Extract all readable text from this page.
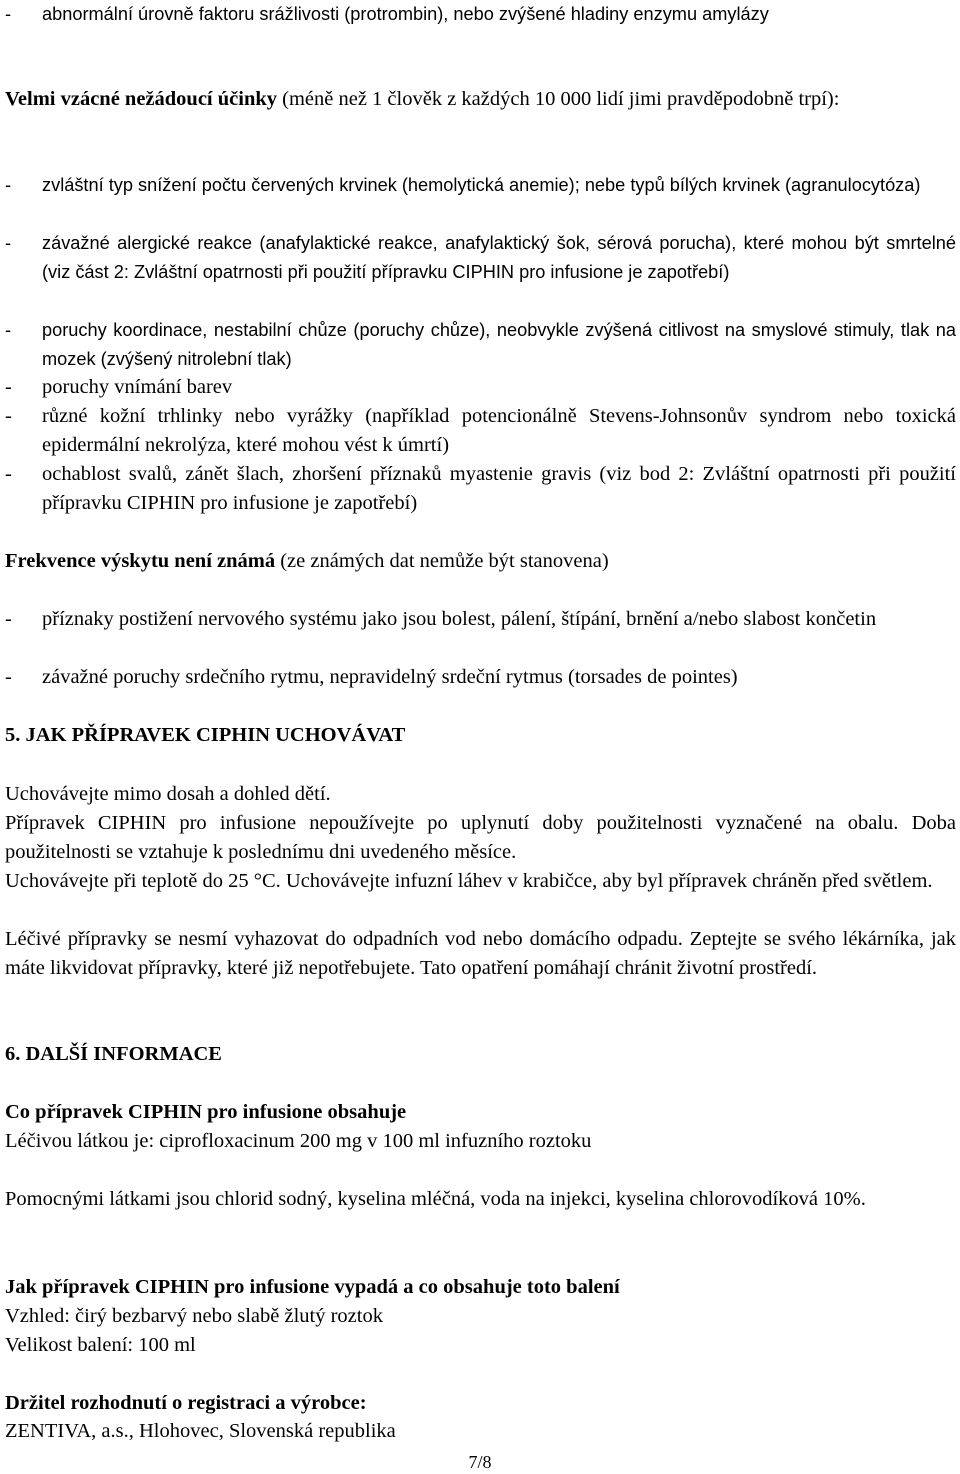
- abnormální úrovně faktoru srážlivosti (protrombin), nebo zvýšené hladiny enzymu amylázy

Velmi vzácné nežádoucí účinky (méně než 1 člověk z každých 10 000 lidí jimi pravděpodobně trpí):

- zvláštní typ snížení počtu červených krvinek (hemolytická anemie); nebe typů bílých krvinek (agranulocytóza)
- závažné alergické reakce (anafylaktické reakce, anafylaktický šok, sérová porucha), které mohou být smrtelné (viz část 2: Zvláštní opatrnosti při použití přípravku CIPHIN pro infusione je zapotřebí)
- poruchy koordinace, nestabilní chůze (poruchy chůze), neobvykle zvýšená citlivost na smyslové stimuly, tlak na mozek (zvýšený nitrolební tlak)
- poruchy vnímání barev
- různé kožní trhlinky nebo vyrážky (například potencionálně Stevens-Johnsonův syndrom nebo toxická epidermální nekrolýza, které mohou vést k úmrtí)
- ochablost svalů, zánět šlach, zhoršení příznaků myastenie gravis (viz bod 2: Zvláštní opatrnosti při použití přípravku CIPHIN pro infusione je zapotřebí)

Frekvence výskytu není známá (ze známých dat nemůže být stanovena)

- příznaky postižení nervového systému jako jsou bolest, pálení, štípání, brnění a/nebo slabost končetin
- závažné poruchy srdečního rytmu, nepravidelný srdeční rytmus (torsades de pointes)

5. JAK PŘÍPRAVEK CIPHIN UCHOVÁVAT

Uchovávejte mimo dosah a dohled dětí.

Přípravek CIPHIN pro infusione nepoužívejte po uplynutí doby použitelnosti vyznačené na obalu. Doba použitelnosti se vztahuje k poslednímu dni uvedeného měsíce.

Uchovávejte při teplotě do 25 °C. Uchovávejte infuzní láhev v krabičce, aby byl přípravek chráněn před světlem.

Léčivé přípravky se nesmí vyhazovat do odpadních vod nebo domácího odpadu. Zeptejte se svého lékárníka, jak máte likvidovat přípravky, které již nepotřebujete. Tato opatření pomáhají chránit životní prostředí.

6. DALŠÍ INFORMACE

Co přípravek CIPHIN pro infusione obsahuje

Léčivou látkou je: ciprofloxacinum 200 mg v 100 ml infuzního roztoku

Pomocnými látkami jsou chlorid sodný, kyselina mléčná, voda na injekci, kyselina chlorovodíková 10%.

Jak přípravek CIPHIN pro infusione vypadá a co obsahuje toto balení

Vzhled: čirý bezbarvý nebo slabě žlutý roztok

Velikost balení: 100 ml

Držitel rozhodnutí o registraci a výrobce:

ZENTIVA, a.s., Hlohovec, Slovenská republika

7/8
